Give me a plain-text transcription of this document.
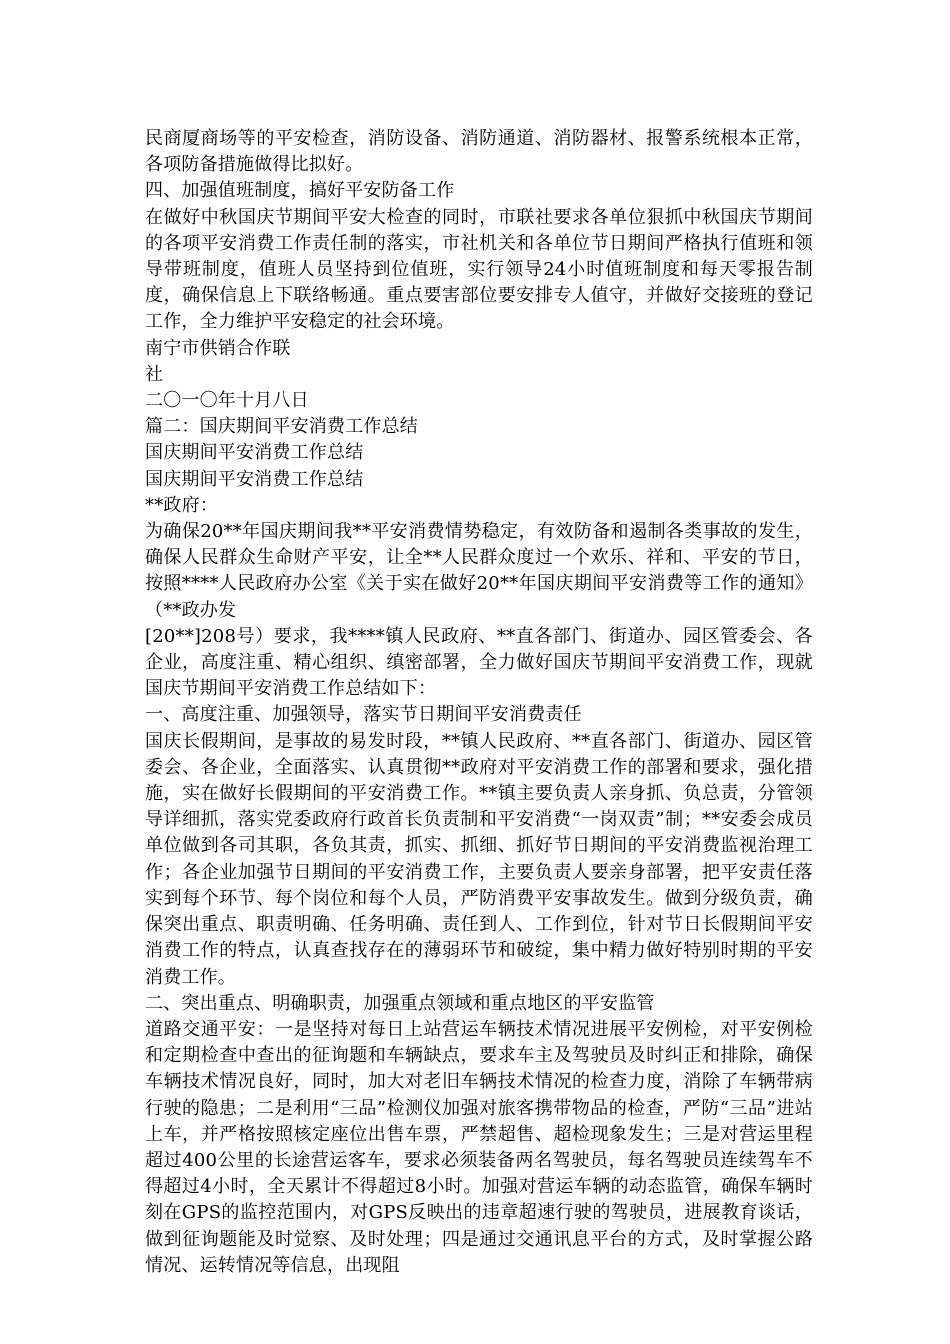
民商厦商场等的平安检查，消防设备、消防通道、消防器材、报警系统根本正常，各项防备措施做得比拟好。

四、加强值班制度，搞好平安防备工作

在做好中秋国庆节期间平安大检查的同时，市联社要求各单位狠抓中秋国庆节期间的各项平安消费工作责任制的落实，市社机关和各单位节日期间严格执行值班和领导带班制度，值班人员坚持到位值班，实行领导24小时值班制度和每天零报告制度，确保信息上下联络畅通。重点要害部位要安排专人值守，并做好交接班的登记工作，全力维护平安稳定的社会环境。

南宁市供销合作联

社

二〇一〇年十月八日

篇二：国庆期间平安消费工作总结

国庆期间平安消费工作总结

国庆期间平安消费工作总结

**政府：

为确保20**年国庆期间我**平安消费情势稳定，有效防备和遏制各类事故的发生，确保人民群众生命财产平安，让全**人民群众度过一个欢乐、祥和、平安的节日，按照****人民政府办公室《关于实在做好20**年国庆期间平安消费等工作的通知》（**政办发

[20**]208号）要求，我****镇人民政府、**直各部门、街道办、园区管委会、各企业，高度注重、精心组织、缜密部署，全力做好国庆节期间平安消费工作，现就国庆节期间平安消费工作总结如下：

一、高度注重、加强领导，落实节日期间平安消费责任

国庆长假期间，是事故的易发时段，**镇人民政府、**直各部门、街道办、园区管委会、各企业，全面落实、认真贯彻**政府对平安消费工作的部署和要求，强化措施，实在做好长假期间的平安消费工作。**镇主要负责人亲身抓、负总责，分管领导详细抓，落实党委政府行政首长负责制和平安消费“一岗双责”制；**安委会成员单位做到各司其职，各负其责，抓实、抓细、抓好节日期间的平安消费监视治理工作；各企业加强节日期间的平安消费工作，主要负责人要亲身部署，把平安责任落实到每个环节、每个岗位和每个人员，严防消费平安事故发生。做到分级负责，确保突出重点、职责明确、任务明确、责任到人、工作到位，针对节日长假期间平安消费工作的特点，认真查找存在的薄弱环节和破绽，集中精力做好特别时期的平安消费工作。

二、突出重点、明确职责，加强重点领域和重点地区的平安监管

道路交通平安：一是坚持对每日上站营运车辆技术情况进展平安例检，对平安例检和定期检查中查出的征询题和车辆缺点，要求车主及驾驶员及时纠正和排除，确保车辆技术情况良好，同时，加大对老旧车辆技术情况的检查力度，消除了车辆带病行驶的隐患；二是利用“三品”检测仪加强对旅客携带物品的检查，严防“三品”进站上车，并严格按照核定座位出售车票，严禁超售、超检现象发生；三是对营运里程超过400公里的长途营运客车，要求必须装备两名驾驶员，每名驾驶员连续驾车不得超过4小时，全天累计不得超过8小时。加强对营运车辆的动态监管，确保车辆时刻在GPS的监控范围内，对GPS反映出的违章超速行驶的驾驶员，进展教育谈话，做到征询题能及时觉察、及时处理；四是通过交通讯息平台的方式，及时掌握公路情况、运转情况等信息，出现阻
